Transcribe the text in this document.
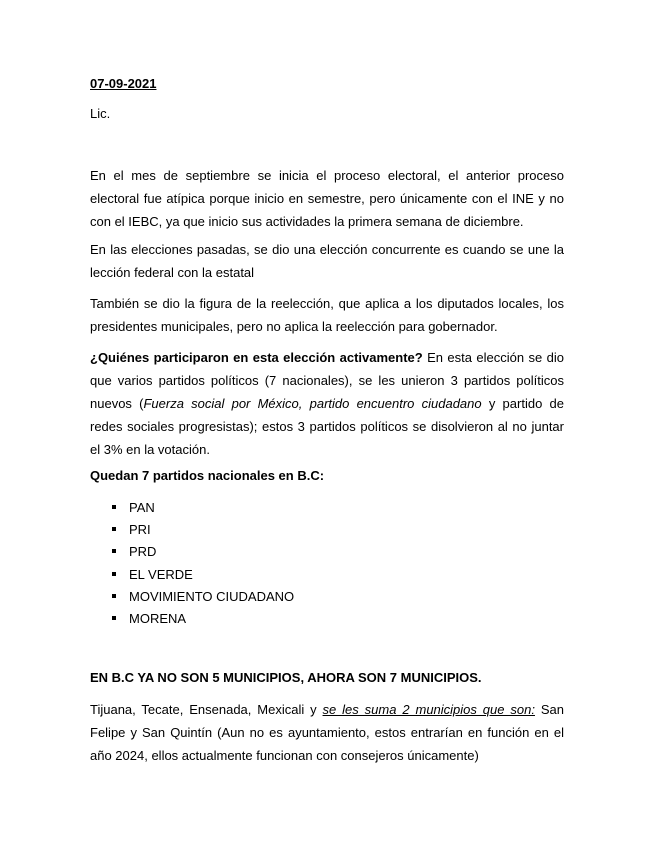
07-09-2021
Lic.

En el mes de septiembre se inicia el proceso electoral, el anterior proceso electoral fue atípica porque inicio en semestre, pero únicamente con el INE y no con el IEBC, ya que inicio sus actividades la primera semana de diciembre.

En las elecciones pasadas, se dio una elección concurrente es cuando se une la lección federal con la estatal

También se dio la figura de la reelección, que aplica a los diputados locales, los presidentes municipales, pero no aplica la reelección para gobernador.

¿Quiénes participaron en esta elección activamente? En esta elección se dio que varios partidos políticos (7 nacionales), se les unieron 3 partidos políticos nuevos (Fuerza social por México, partido encuentro ciudadano y partido de redes sociales progresistas); estos 3 partidos políticos se disolvieron al no juntar el 3% en la votación.

Quedan 7 partidos nacionales en B.C:
PAN
PRI
PRD
EL VERDE
MOVIMIENTO CIUDADANO
MORENA
EN B.C YA NO SON 5 MUNICIPIOS, AHORA SON 7 MUNICIPIOS.

Tijuana, Tecate, Ensenada, Mexicali y se les suma 2 municipios que son: San Felipe y San Quintín (Aun no es ayuntamiento, estos entrarían en función en el año 2024, ellos actualmente funcionan con consejeros únicamente)
